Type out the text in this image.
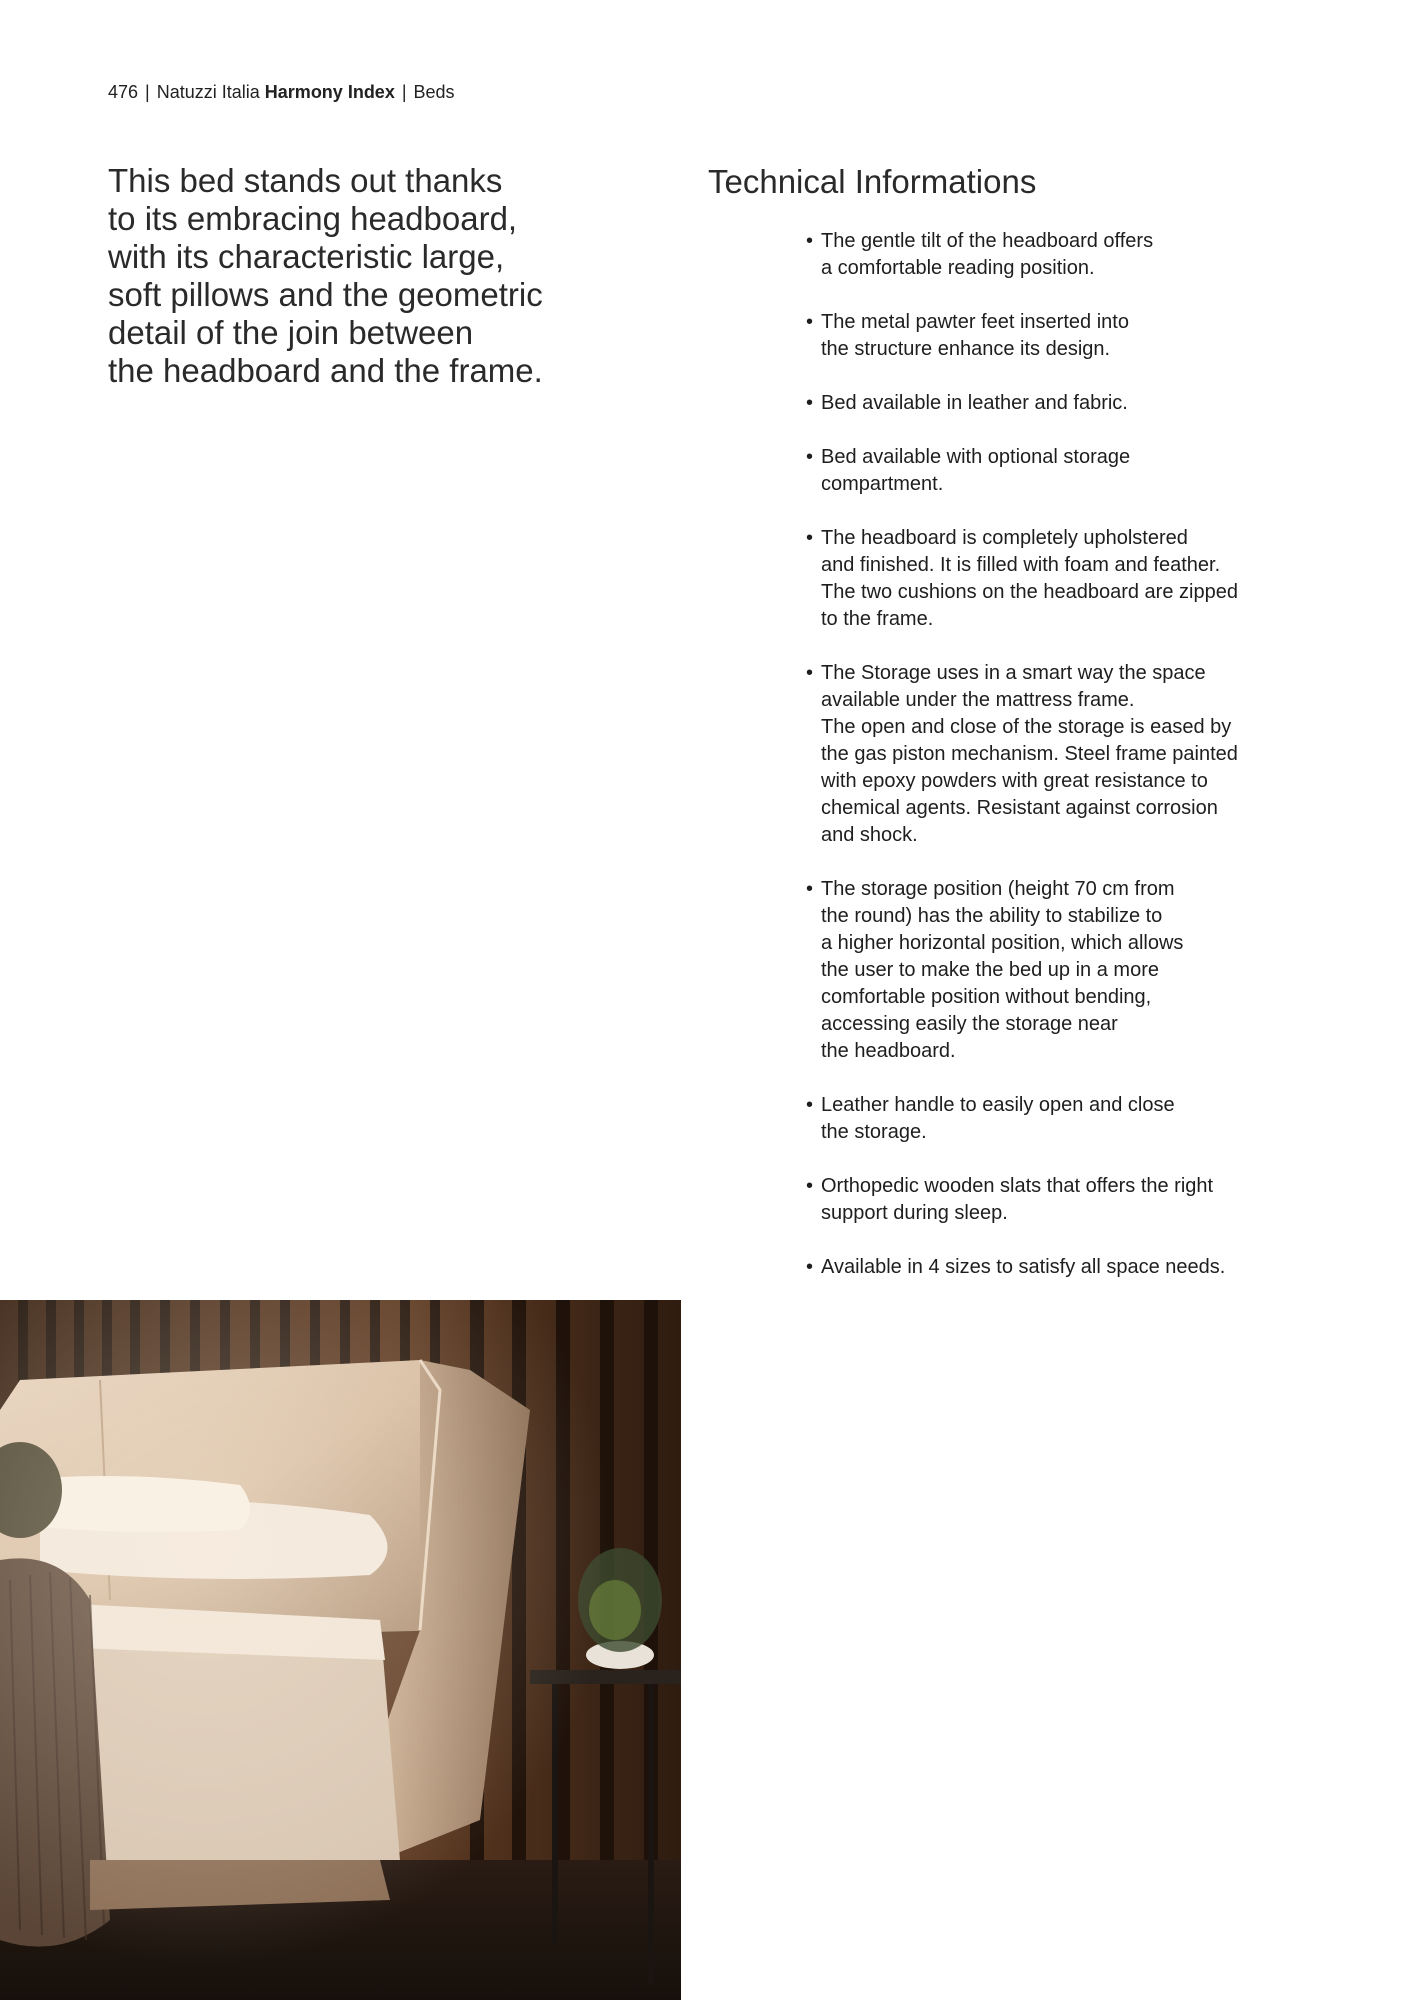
476 | Natuzzi Italia Harmony Index | Beds
This bed stands out thanks
to its embracing headboard,
with its characteristic large,
soft pillows and the geometric
detail of the join between
the headboard and the frame.
Technical Informations
• The gentle tilt of the headboard offers
a comfortable reading position.
• The metal pawter feet inserted into
the structure enhance its design.
• Bed available in leather and fabric.
• Bed available with optional storage
compartment.
• The headboard is completely upholstered
and finished. It is filled with foam and feather.
The two cushions on the headboard are zipped
to the frame.
• The Storage uses in a smart way the space
available under the mattress frame.
The open and close of the storage is eased by
the gas piston mechanism. Steel frame painted
with epoxy powders with great resistance to
chemical agents. Resistant against corrosion
and shock.
• The storage position (height 70 cm from
the round) has the ability to stabilize to
a higher horizontal position, which allows
the user to make the bed up in a more
comfortable position without bending,
accessing easily the storage near
the headboard.
• Leather handle to easily open and close
the storage.
• Orthopedic wooden slats that offers the right
support during sleep.
• Available in 4 sizes to satisfy all space needs.
